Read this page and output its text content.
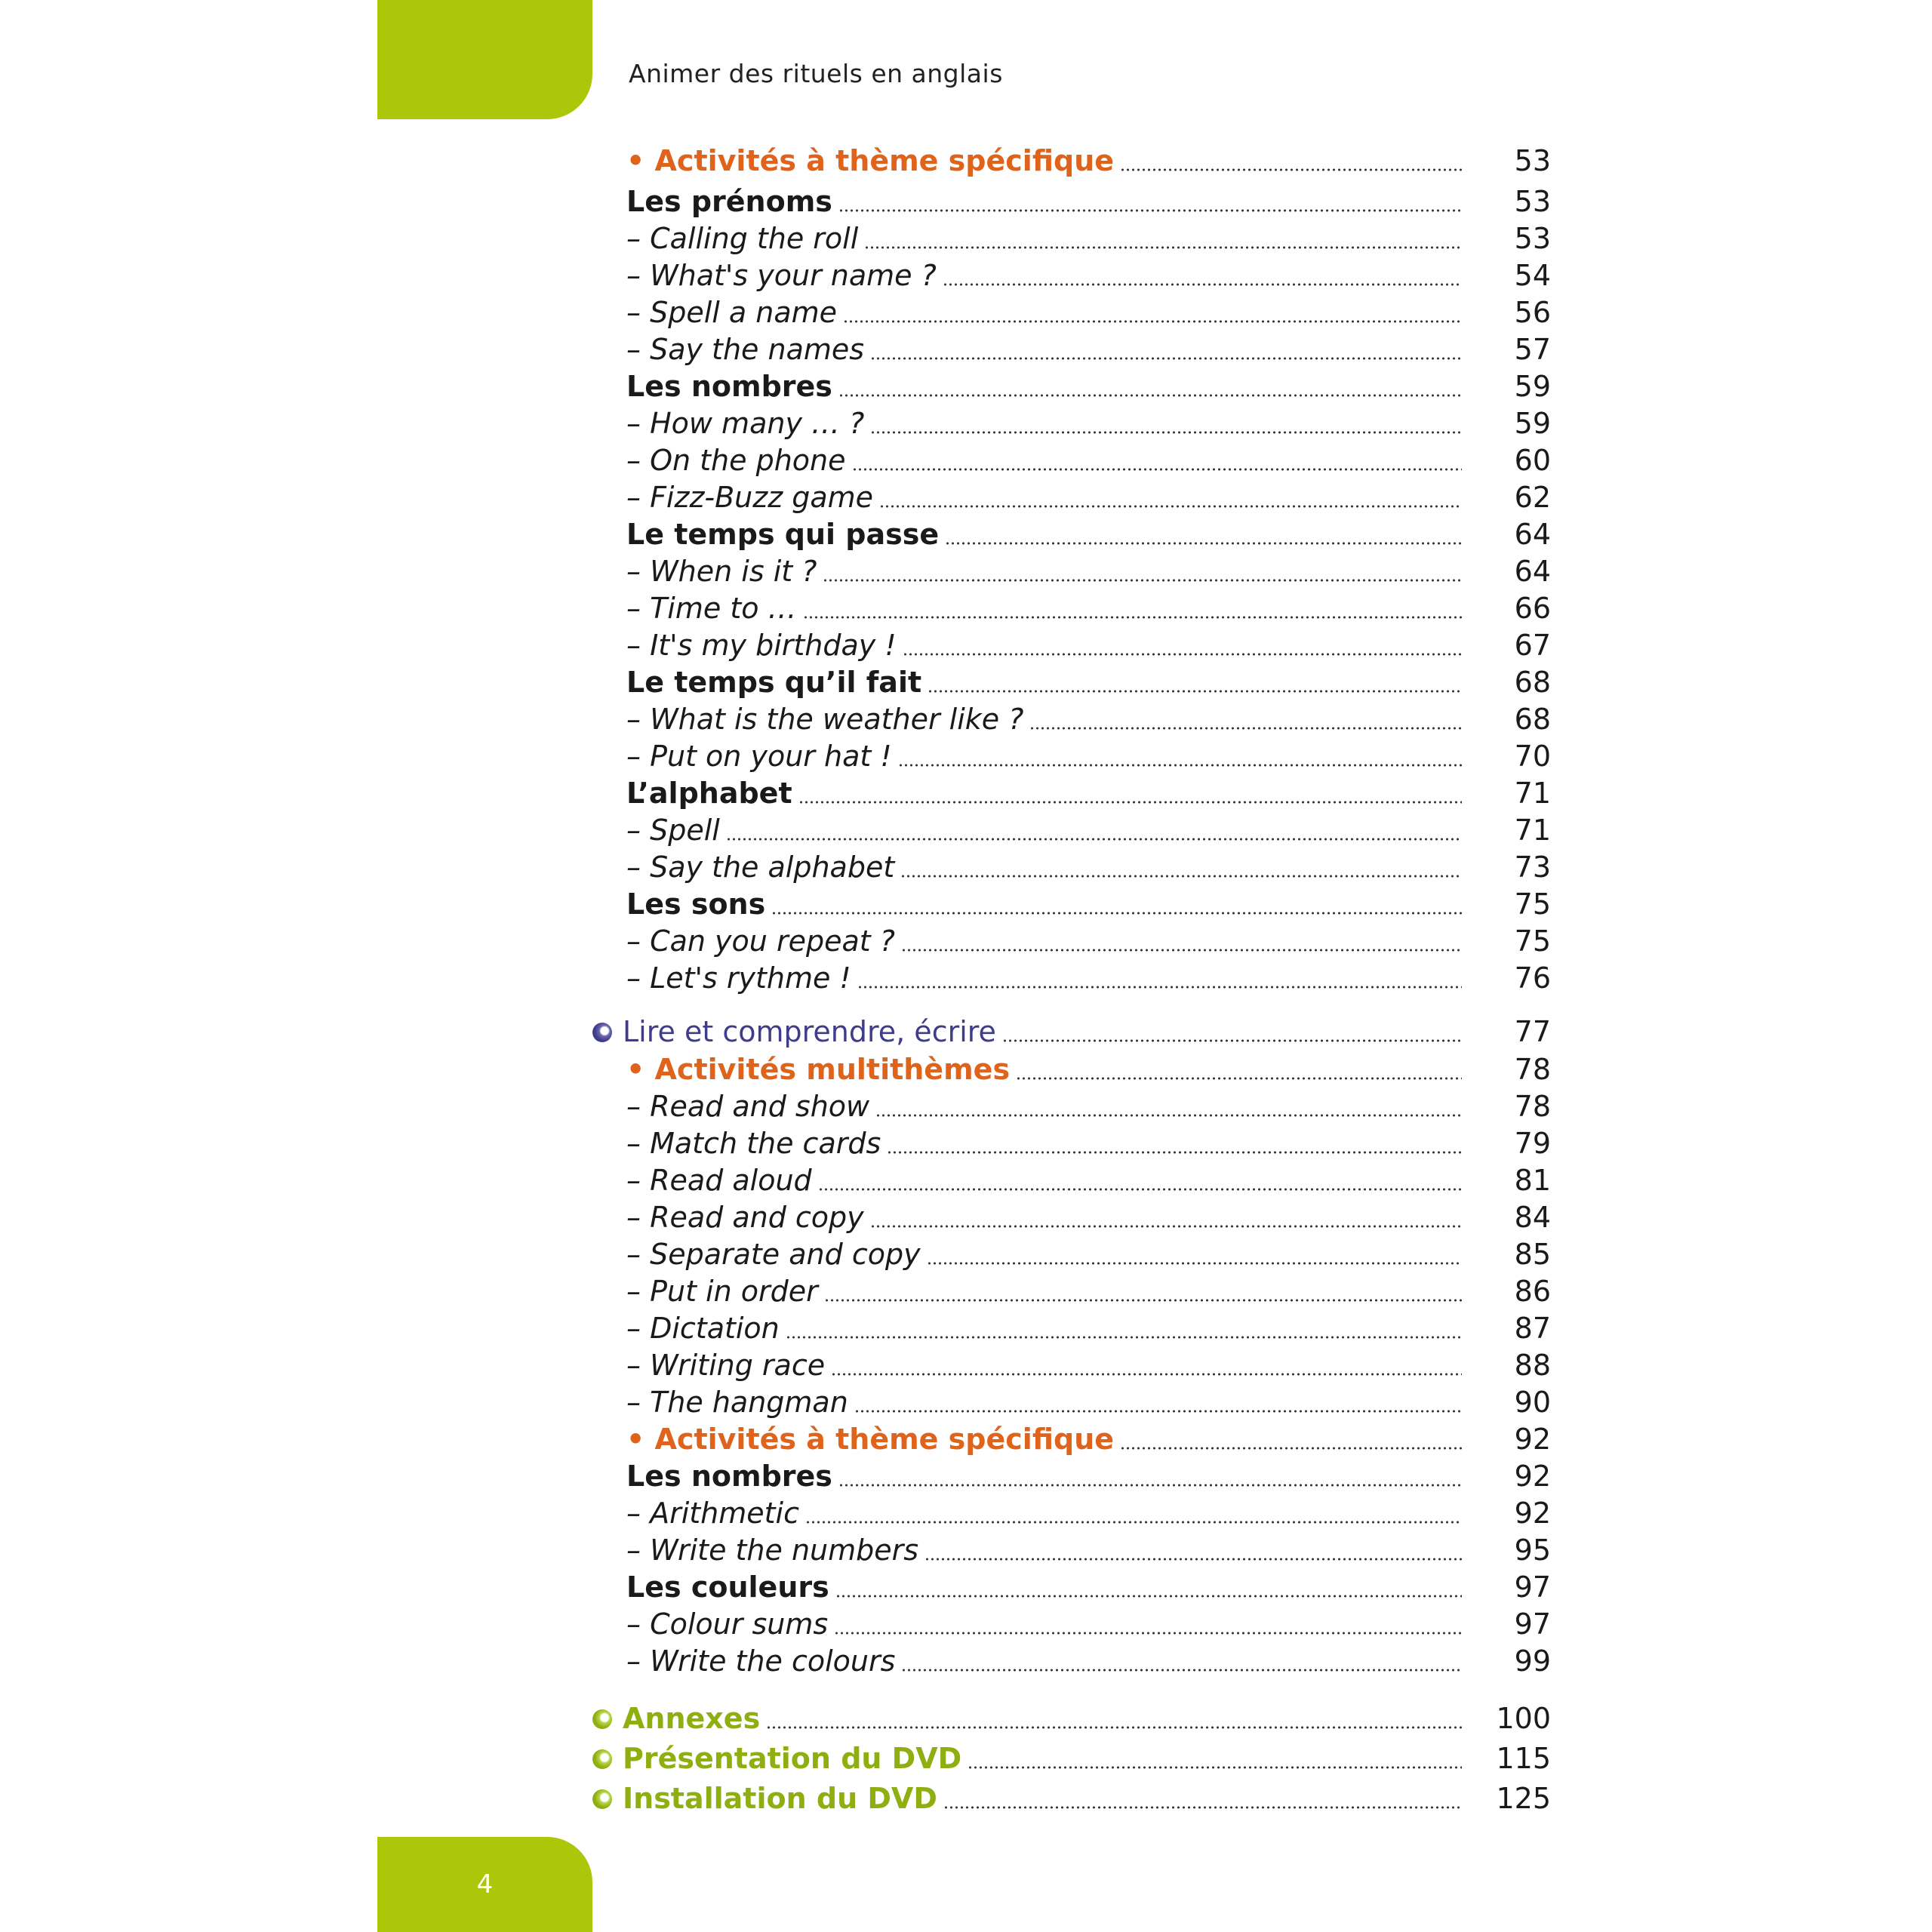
Animer des rituels en anglais
• Activités à thème spécifique	53
Les prénoms	53
– Calling the roll	53
– What's your name ?	54
– Spell a name	56
– Say the names	57
Les nombres	59
– How many … ?	59
– On the phone	60
– Fizz-Buzz game	62
Le temps qui passe	64
– When is it ?	64
– Time to …	66
– It's my birthday !	67
Le temps qu’il fait	68
– What is the weather like ?	68
– Put on your hat !	70
L’alphabet	71
– Spell	71
– Say the alphabet	73
Les sons	75
– Can you repeat ?	75
– Let's rythme !	76
Lire et comprendre, écrire	77
• Activités multithèmes	78
– Read and show	78
– Match the cards	79
– Read aloud	81
– Read and copy	84
– Separate and copy	85
– Put in order	86
– Dictation	87
– Writing race	88
– The hangman	90
• Activités à thème spécifique	92
Les nombres	92
– Arithmetic	92
– Write the numbers	95
Les couleurs	97
– Colour sums	97
– Write the colours	99
Annexes	100
Présentation du DVD	115
Installation du DVD	125
4
